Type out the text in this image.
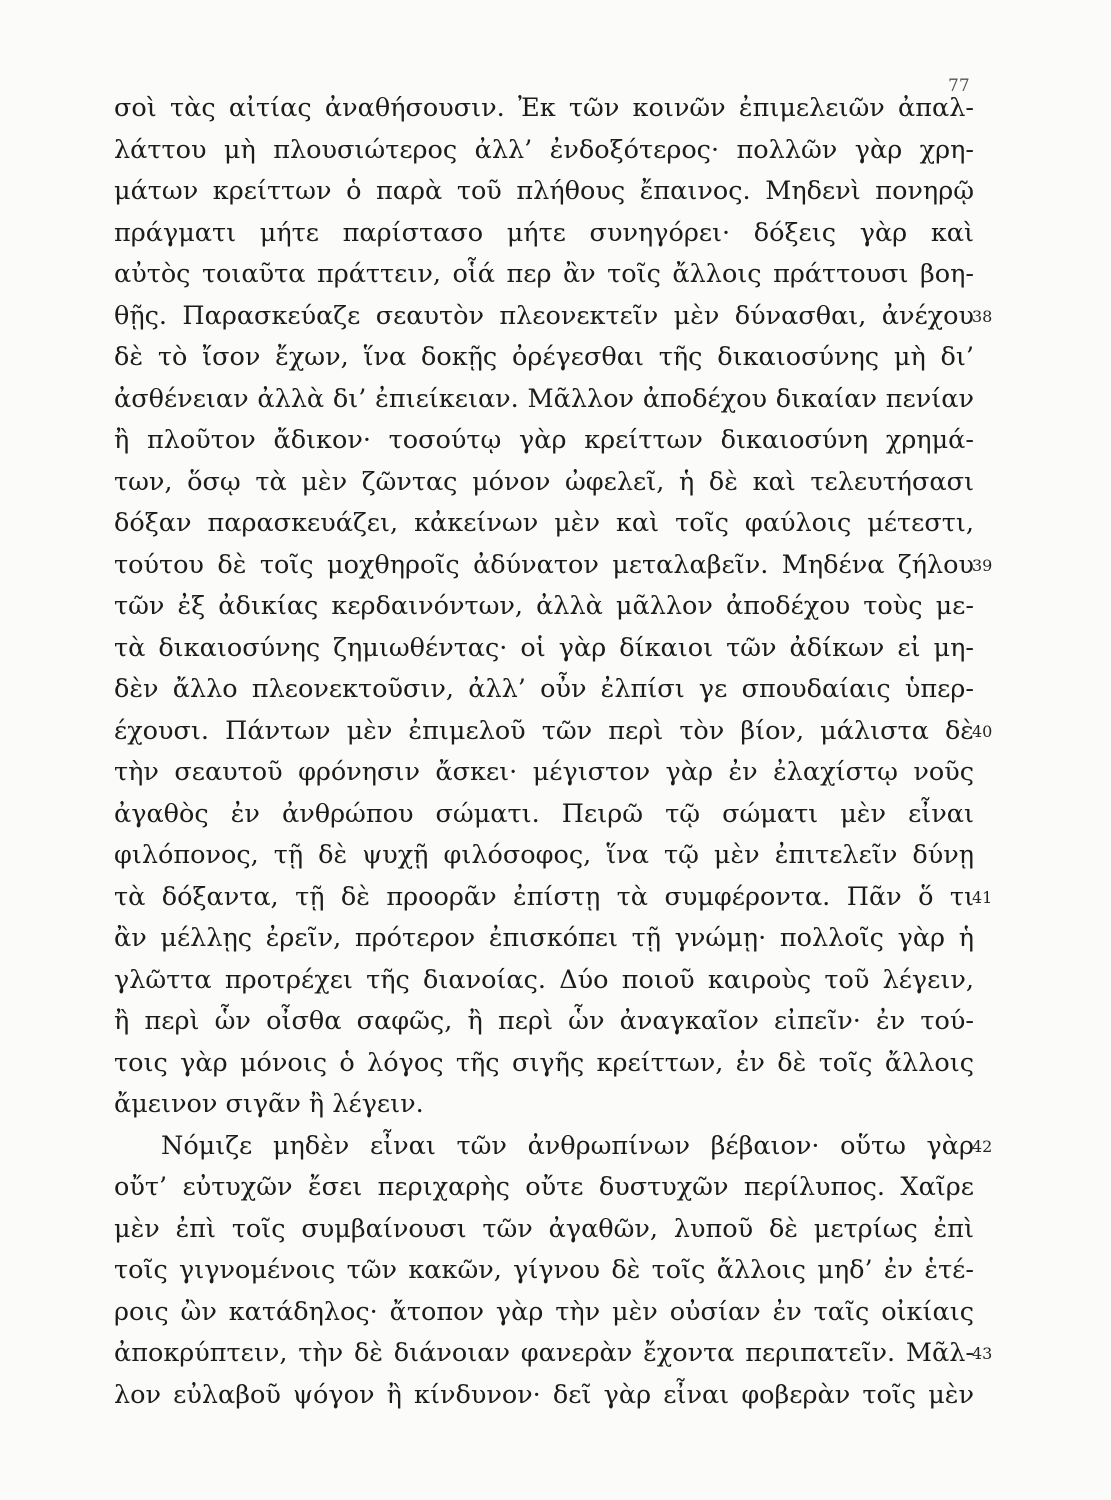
77
σοὶ τὰς αἰτίας ἀναθήσουσιν. Ἐκ τῶν κοινῶν ἐπιμελειῶν ἀπαλ-
λάττου μὴ πλουσιώτερος ἀλλ’ ἐνδοξότερος· πολλῶν γὰρ χρη-
μάτων κρείττων ὁ παρὰ τοῦ πλήθους ἔπαινος. Μηδενὶ πονηρῷ
πράγματι μήτε παρίστασο μήτε συνηγόρει· δόξεις γὰρ καὶ
αὐτὸς τοιαῦτα πράττειν, οἷά περ ἂν τοῖς ἄλλοις πράττουσι βοη-
θῇς. Παρασκεύαζε σεαυτὸν πλεονεκτεῖν μὲν δύνασθαι, ἀνέχου
38
δὲ τὸ ἴσον ἔχων, ἵνα δοκῇς ὀρέγεσθαι τῆς δικαιοσύνης μὴ δι’
ἀσθένειαν ἀλλὰ δι’ ἐπιείκειαν. Μᾶλλον ἀποδέχου δικαίαν πενίαν
ἢ πλοῦτον ἄδικον· τοσούτῳ γὰρ κρείττων δικαιοσύνη χρημά-
των, ὅσῳ τὰ μὲν ζῶντας μόνον ὠφελεῖ, ἡ δὲ καὶ τελευτήσασι
δόξαν παρασκευάζει, κἀκείνων μὲν καὶ τοῖς φαύλοις μέτεστι,
τούτου δὲ τοῖς μοχθηροῖς ἀδύνατον μεταλαβεῖν. Μηδένα ζήλου
39
τῶν ἐξ ἀδικίας κερδαινόντων, ἀλλὰ μᾶλλον ἀποδέχου τοὺς με-
τὰ δικαιοσύνης ζημιωθέντας· οἱ γὰρ δίκαιοι τῶν ἀδίκων εἰ μη-
δὲν ἄλλο πλεονεκτοῦσιν, ἀλλ’ οὖν ἐλπίσι γε σπουδαίαις ὑπερ-
έχουσι. Πάντων μὲν ἐπιμελοῦ τῶν περὶ τὸν βίον, μάλιστα δὲ
40
τὴν σεαυτοῦ φρόνησιν ἄσκει· μέγιστον γὰρ ἐν ἐλαχίστῳ νοῦς
ἀγαθὸς ἐν ἀνθρώπου σώματι. Πειρῶ τῷ σώματι μὲν εἶναι
φιλόπονος, τῇ δὲ ψυχῇ φιλόσοφος, ἵνα τῷ μὲν ἐπιτελεῖν δύνῃ
τὰ δόξαντα, τῇ δὲ προορᾶν ἐπίστῃ τὰ συμφέροντα. Πᾶν ὅ τι
41
ἂν μέλλῃς ἐρεῖν, πρότερον ἐπισκόπει τῇ γνώμῃ· πολλοῖς γὰρ ἡ
γλῶττα προτρέχει τῆς διανοίας. Δύο ποιοῦ καιροὺς τοῦ λέγειν,
ἢ περὶ ὧν οἶσθα σαφῶς, ἢ περὶ ὧν ἀναγκαῖον εἰπεῖν· ἐν τού-
τοις γὰρ μόνοις ὁ λόγος τῆς σιγῆς κρείττων, ἐν δὲ τοῖς ἄλλοις
ἄμεινον σιγᾶν ἢ λέγειν.
Νόμιζε μηδὲν εἶναι τῶν ἀνθρωπίνων βέβαιον· οὕτω γὰρ
42
οὔτ’ εὐτυχῶν ἔσει περιχαρὴς οὔτε δυστυχῶν περίλυπος. Χαῖρε
μὲν ἐπὶ τοῖς συμβαίνουσι τῶν ἀγαθῶν, λυποῦ δὲ μετρίως ἐπὶ
τοῖς γιγνομένοις τῶν κακῶν, γίγνου δὲ τοῖς ἄλλοις μηδ’ ἐν ἑτέ-
ροις ὢν κατάδηλος· ἄτοπον γὰρ τὴν μὲν οὐσίαν ἐν ταῖς οἰκίαις
ἀποκρύπτειν, τὴν δὲ διάνοιαν φανερὰν ἔχοντα περιπατεῖν. Μᾶλ-
43
λον εὐλαβοῦ ψόγον ἢ κίνδυνον· δεῖ γὰρ εἶναι φοβερὰν τοῖς μὲν
